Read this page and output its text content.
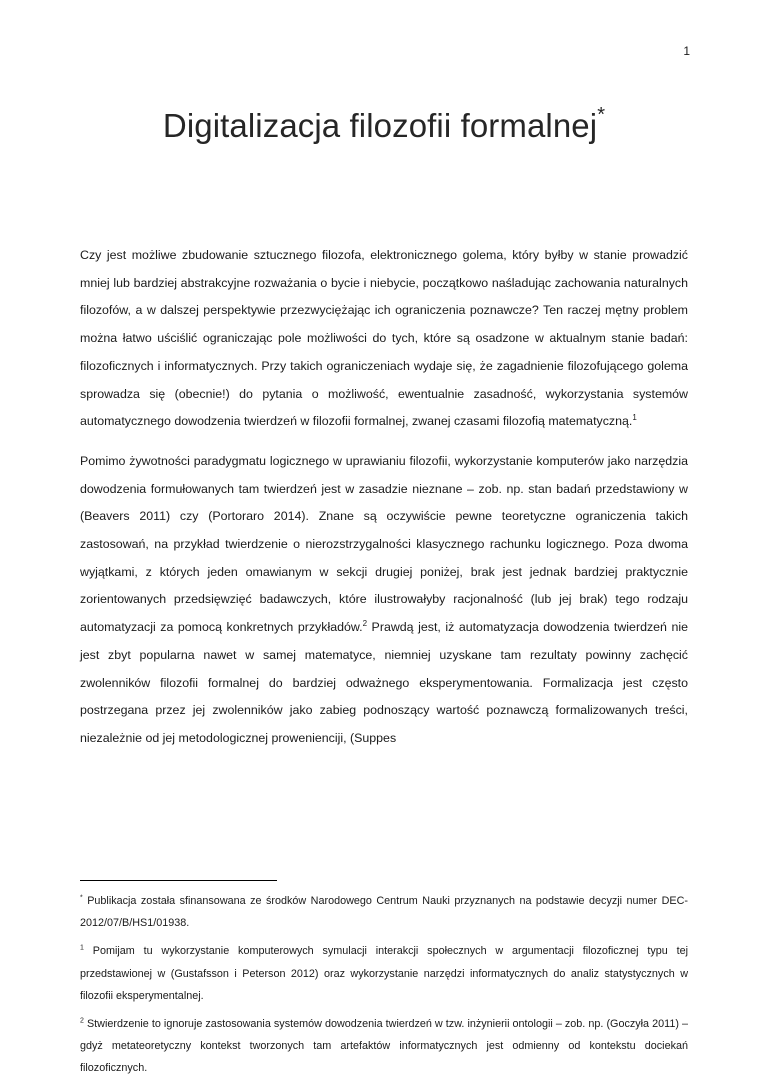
1
Digitalizacja filozofii formalnej*

Czy jest możliwe zbudowanie sztucznego filozofa, elektronicznego golema, który byłby w stanie prowadzić mniej lub bardziej abstrakcyjne rozważania o bycie i niebycie, początkowo naśladując zachowania naturalnych filozofów, a w dalszej perspektywie przezwyciężając ich ograniczenia poznawcze? Ten raczej mętny problem można łatwo uściślić ograniczając pole możliwości do tych, które są osadzone w aktualnym stanie badań: filozoficznych i informatycznych. Przy takich ograniczeniach wydaje się, że zagadnienie filozofującego golema sprowadza się (obecnie!) do pytania o możliwość, ewentualnie zasadność, wykorzystania systemów automatycznego dowodzenia twierdzeń w filozofii formalnej, zwanej czasami filozofią matematyczną.$^1$

Pomimo żywotności paradygmatu logicznego w uprawianiu filozofii, wykorzystanie komputerów jako narzędzia dowodzenia formułowanych tam twierdzeń jest w zasadzie nieznane – zob. np. stan badań przedstawiony w (Beavers 2011) czy (Portoraro 2014). Znane są oczywiście pewne teoretyczne ograniczenia takich zastosowań, na przykład twierdzenie o nierozstrzygalności klasycznego rachunku logicznego. Poza dwoma wyjątkami, z których jeden omawianym w sekcji drugiej poniżej, brak jest jednak bardziej praktycznie zorientowanych przedsięwzięć badawczych, które ilustrowałyby racjonalność (lub jej brak) tego rodzaju automatyzacji za pomocą konkretnych przykładów.$^2$ Prawdą jest, iż automatyzacja dowodzenia twierdzeń nie jest zbyt popularna nawet w samej matematyce, niemniej uzyskane tam rezultaty powinny zachęcić zwolenników filozofii formalnej do bardziej odważnego eksperymentowania. Formalizacja jest często postrzegana przez jej zwolenników jako zabieg podnoszący wartość poznawczą formalizowanych treści, niezależnie od jej metodologicznej prowenienciji, (Suppes

* Publikacja została sfinansowana ze środków Narodowego Centrum Nauki przyznanych na podstawie decyzji numer DEC-2012/07/B/HS1/01938.

$^1$ Pomijam tu wykorzystanie komputerowych symulacji interakcji społecznych w argumentacji filozoficznej typu tej przedstawionej w (Gustafsson i Peterson 2012) oraz wykorzystanie narzędzi informatycznych do analiz statystycznych w filozofii eksperymentalnej.

$^2$ Stwierdzenie to ignoruje zastosowania systemów dowodzenia twierdzeń w tzw. inżynierii ontologii – zob. np. (Goczyła 2011) – gdyż metateoretyczny kontekst tworzonych tam artefaktów informatycznych jest odmienny od kontekstu dociekań filozoficznych.
